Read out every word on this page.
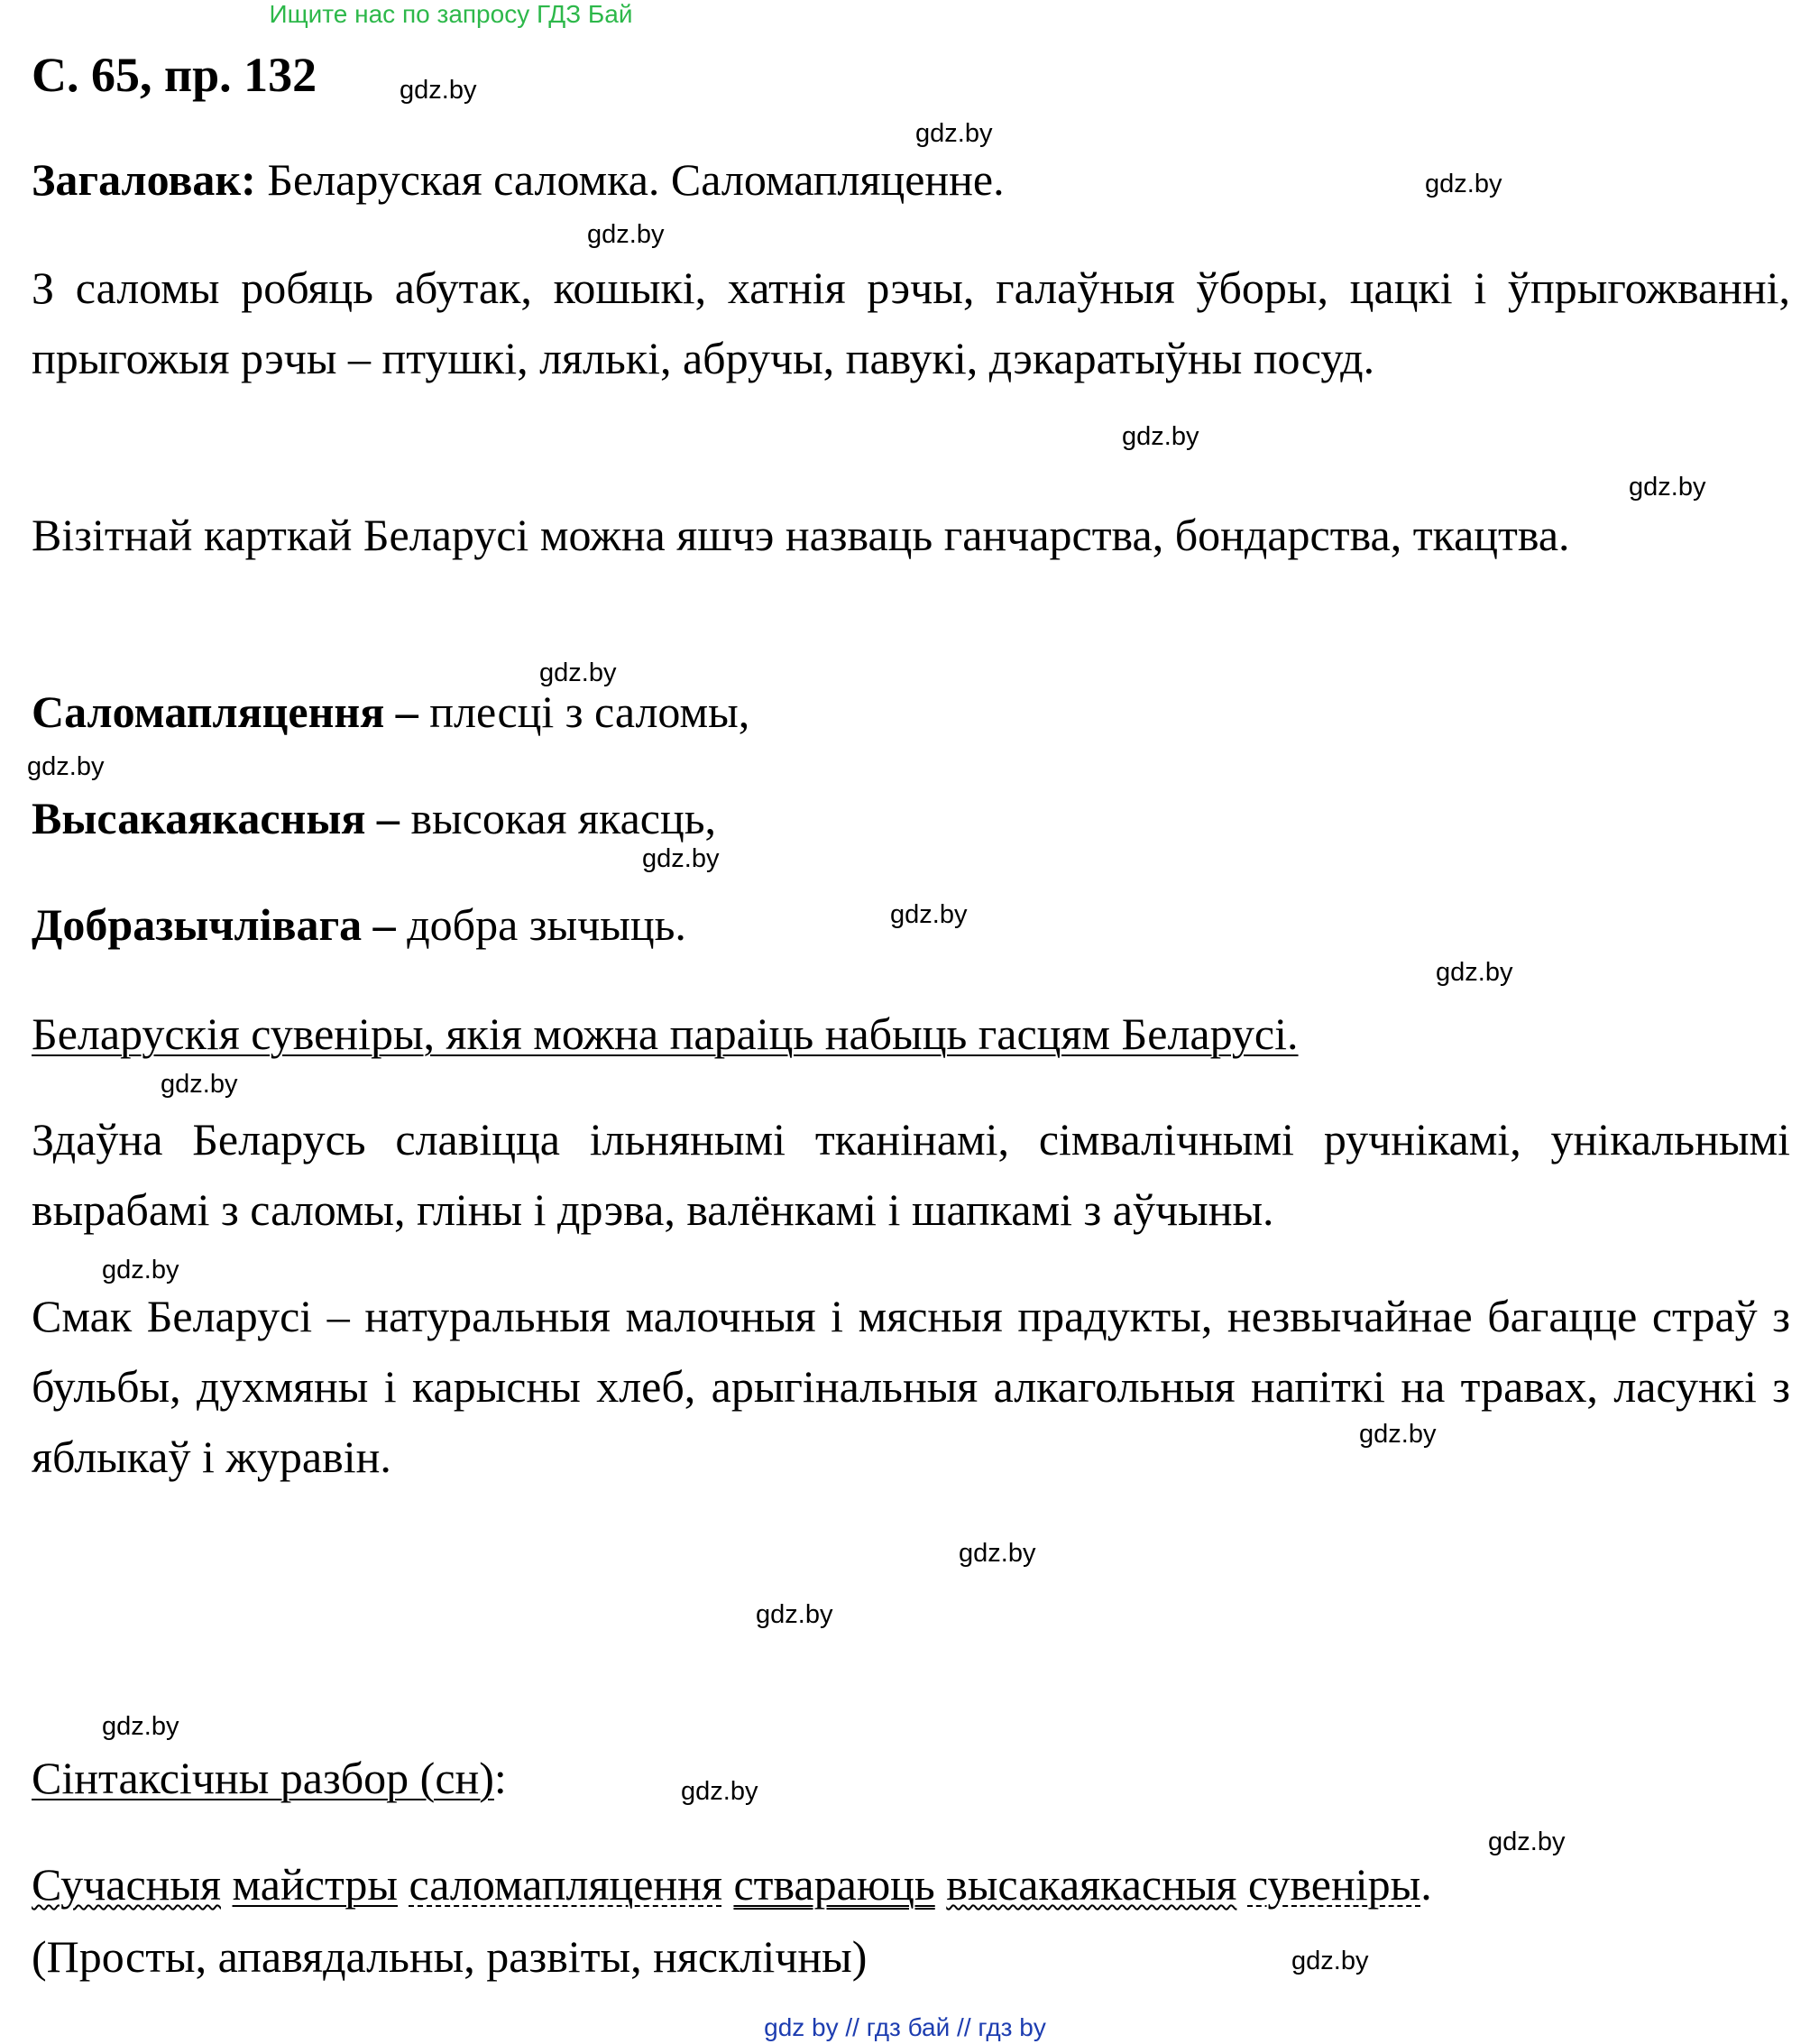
Ищите нас по запросу ГДЗ Бай
С. 65, пр. 132
Загаловак: Беларуская саломка. Саломапляценне.
З саломы робяць абутак, кошыкі, хатнія рэчы, галаўныя ўборы, цацкі і ўпрыгожванні, прыгожыя рэчы – птушкі, лялькі, абручы, павукі, дэкаратыўны посуд.
Візітнай карткай Беларусі можна яшчэ назваць ганчарства, бондарства, ткацтва.
Саломапляцення – плесці з саломы,
Высакаякасныя – высокая якасць,
Добразычлівага – добра зычыць.
Беларускія сувеніры, якія можна параіць набыць гасцям Беларусі.
Здаўна Беларусь славіцца ільнянымі тканінамі, сімвалічнымі ручнікамі, унікальнымі вырабамі з саломы, гліны і дрэва, валёнкамі і шапкамі з аўчыны.
Смак Беларусі – натуральныя малочныя і мясныя прадукты, незвычайнае багацце страў з бульбы, духмяны і карысны хлеб, арыгінальныя алкагольныя напіткі на травах, ласункі з яблыкаў і журавін.
Сінтаксічны разбор (сн):
Сучасныя майстры саломапляцення ствараюць высакаякасныя сувеніры.
(Просты, апавядальны, развіты, нясклічны)
gdz.by
gdz.by
gdz.by
gdz.by
gdz.by
gdz.by
gdz.by
gdz.by
gdz.by
gdz.by
gdz.by
gdz.by
gdz.by
gdz.by
gdz.by
gdz.by
gdz.by
gdz.by
gdz.by
gdz.by
gdz by // гдз бай // гдз by
